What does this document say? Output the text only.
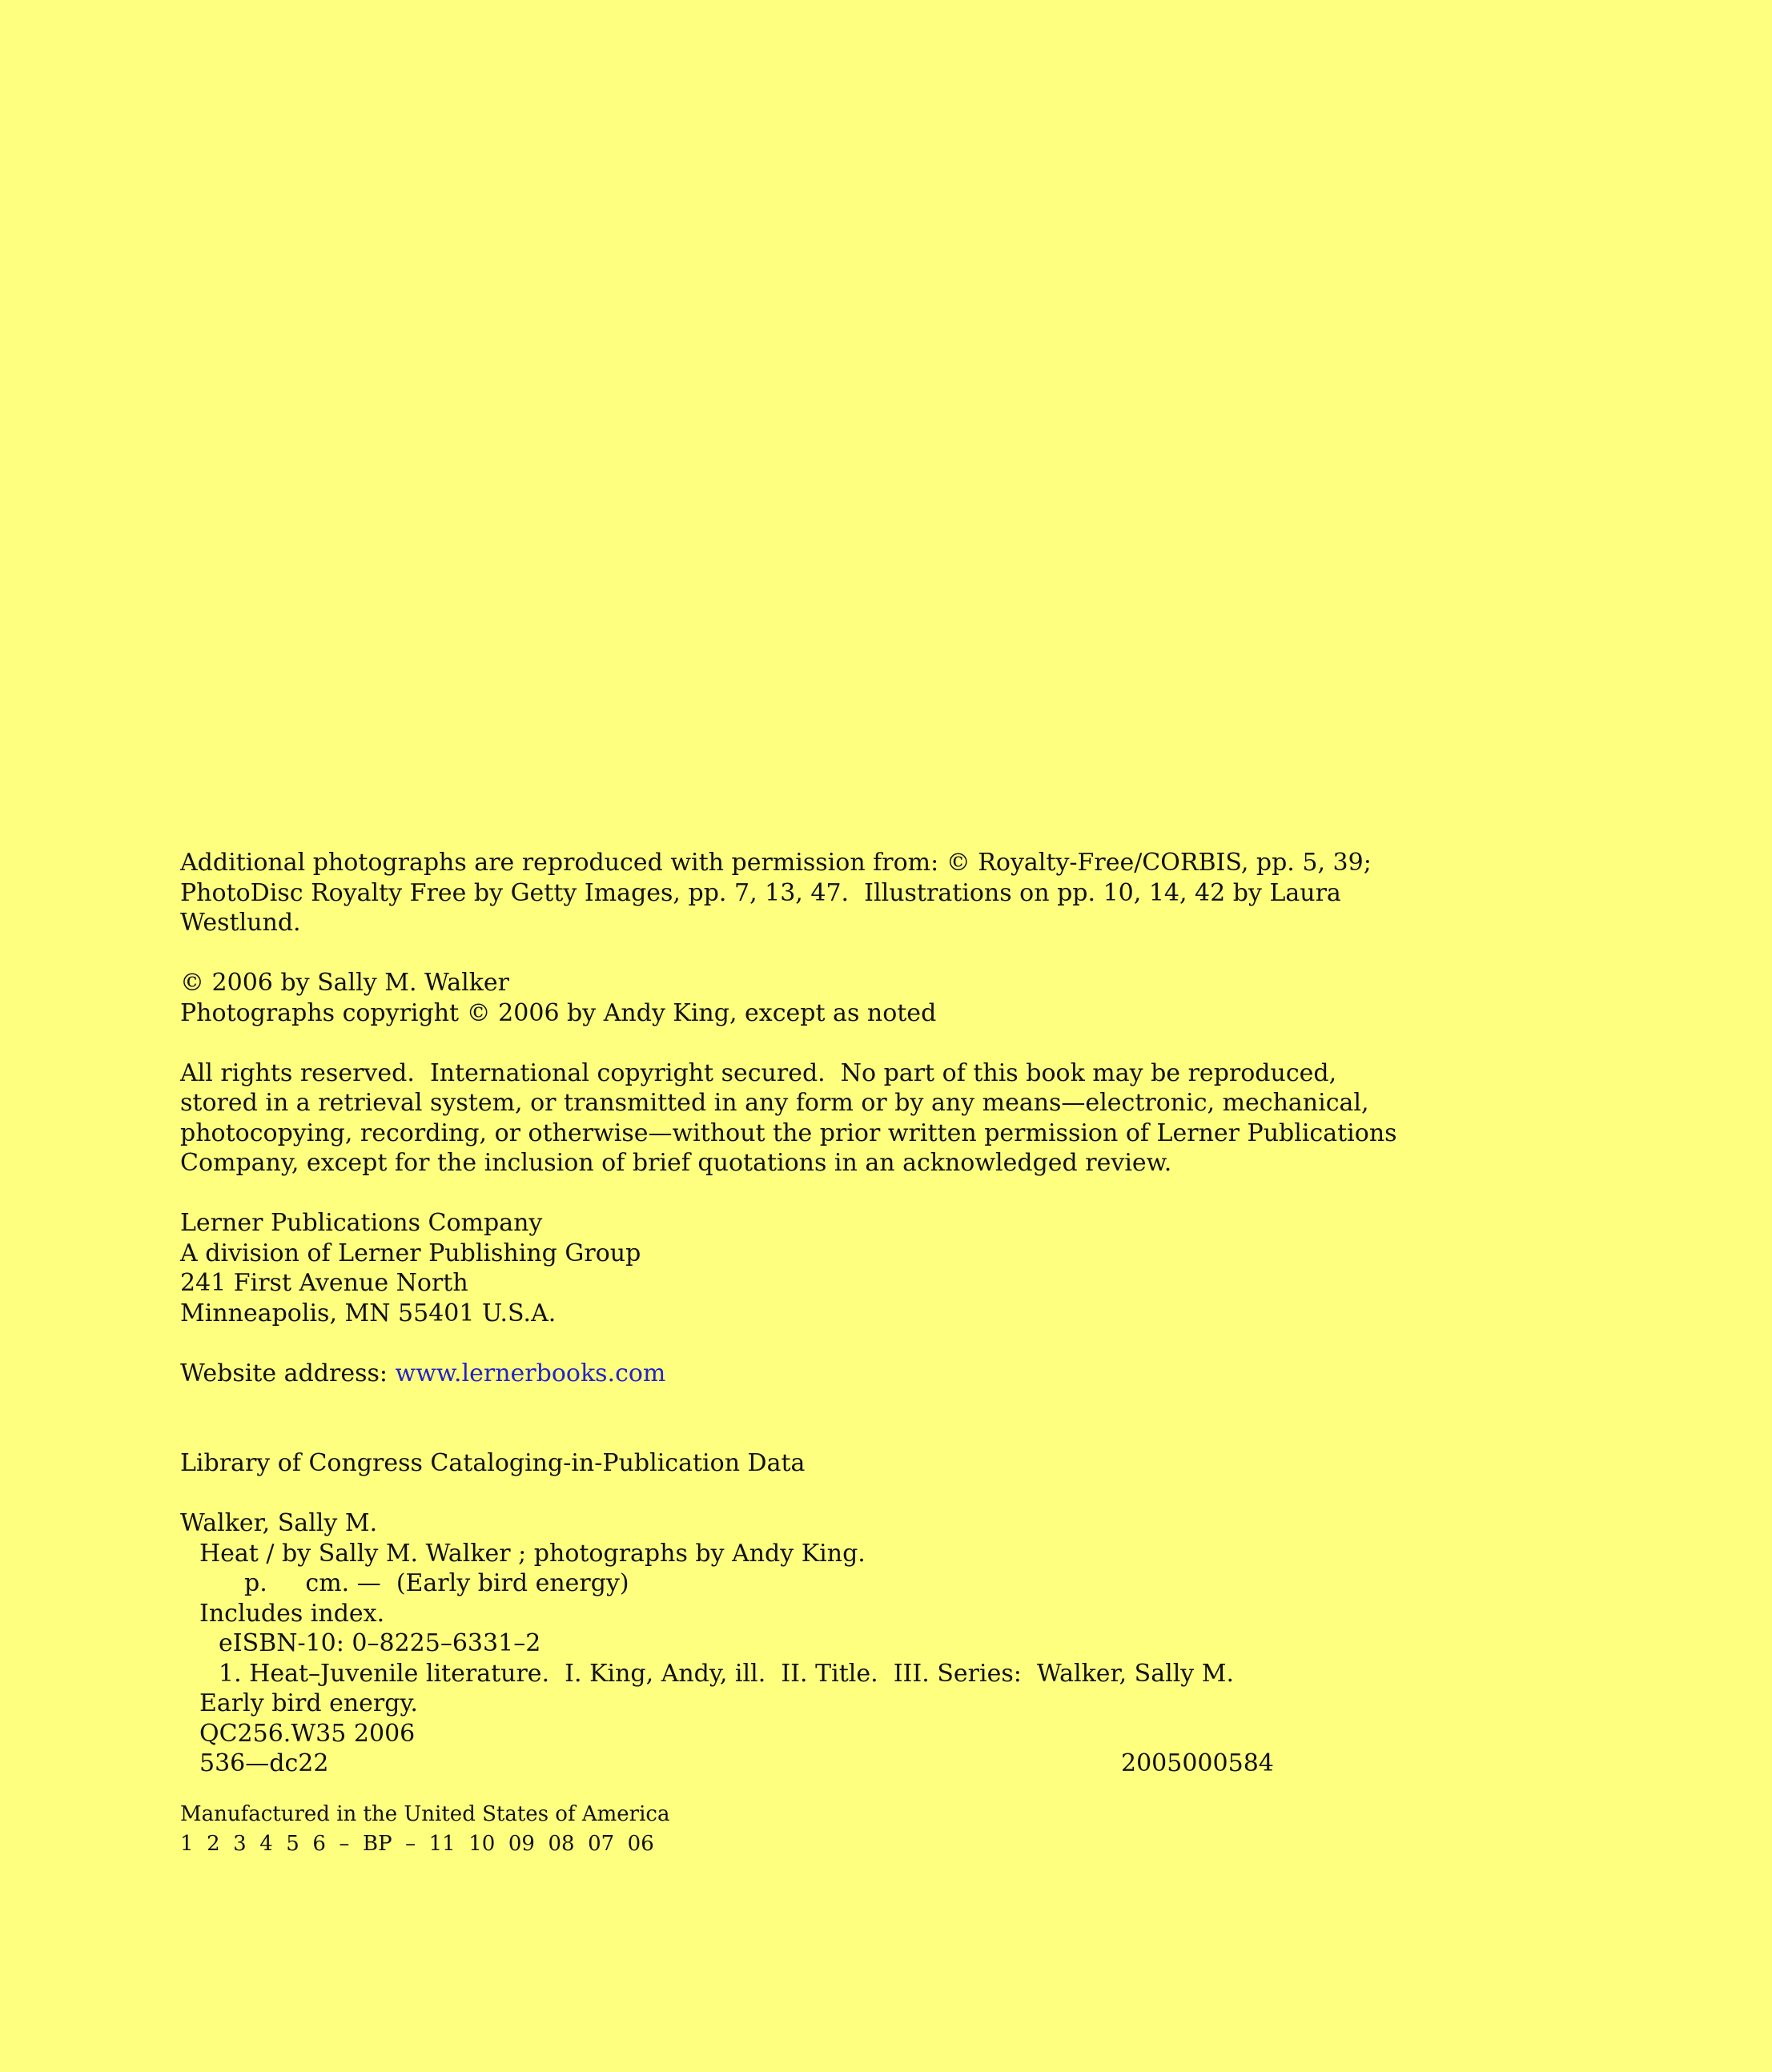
Additional photographs are reproduced with permission from: © Royalty-Free/CORBIS, pp. 5, 39;
PhotoDisc Royalty Free by Getty Images, pp. 7, 13, 47.  Illustrations on pp. 10, 14, 42 by Laura
Westlund.
© 2006 by Sally M. Walker
Photographs copyright © 2006 by Andy King, except as noted
All rights reserved.  International copyright secured.  No part of this book may be reproduced,
stored in a retrieval system, or transmitted in any form or by any means—electronic, mechanical,
photocopying, recording, or otherwise—without the prior written permission of Lerner Publications
Company, except for the inclusion of brief quotations in an acknowledged review.
Lerner Publications Company
A division of Lerner Publishing Group
241 First Avenue North
Minneapolis, MN 55401 U.S.A.
Website address: www.lernerbooks.com
Library of Congress Cataloging-in-Publication Data
Walker, Sally M.
Heat / by Sally M. Walker ; photographs by Andy King.
p.     cm. —  (Early bird energy)
Includes index.
eISBN-10: 0–8225–6331–2
1. Heat–Juvenile literature.  I. King, Andy, ill.  II. Title.  III. Series:  Walker, Sally M.
Early bird energy.
QC256.W35 2006
536—dc22	2005000584
Manufactured in the United States of America
1  2  3  4  5  6  –  BP  –  11  10  09  08  07  06
